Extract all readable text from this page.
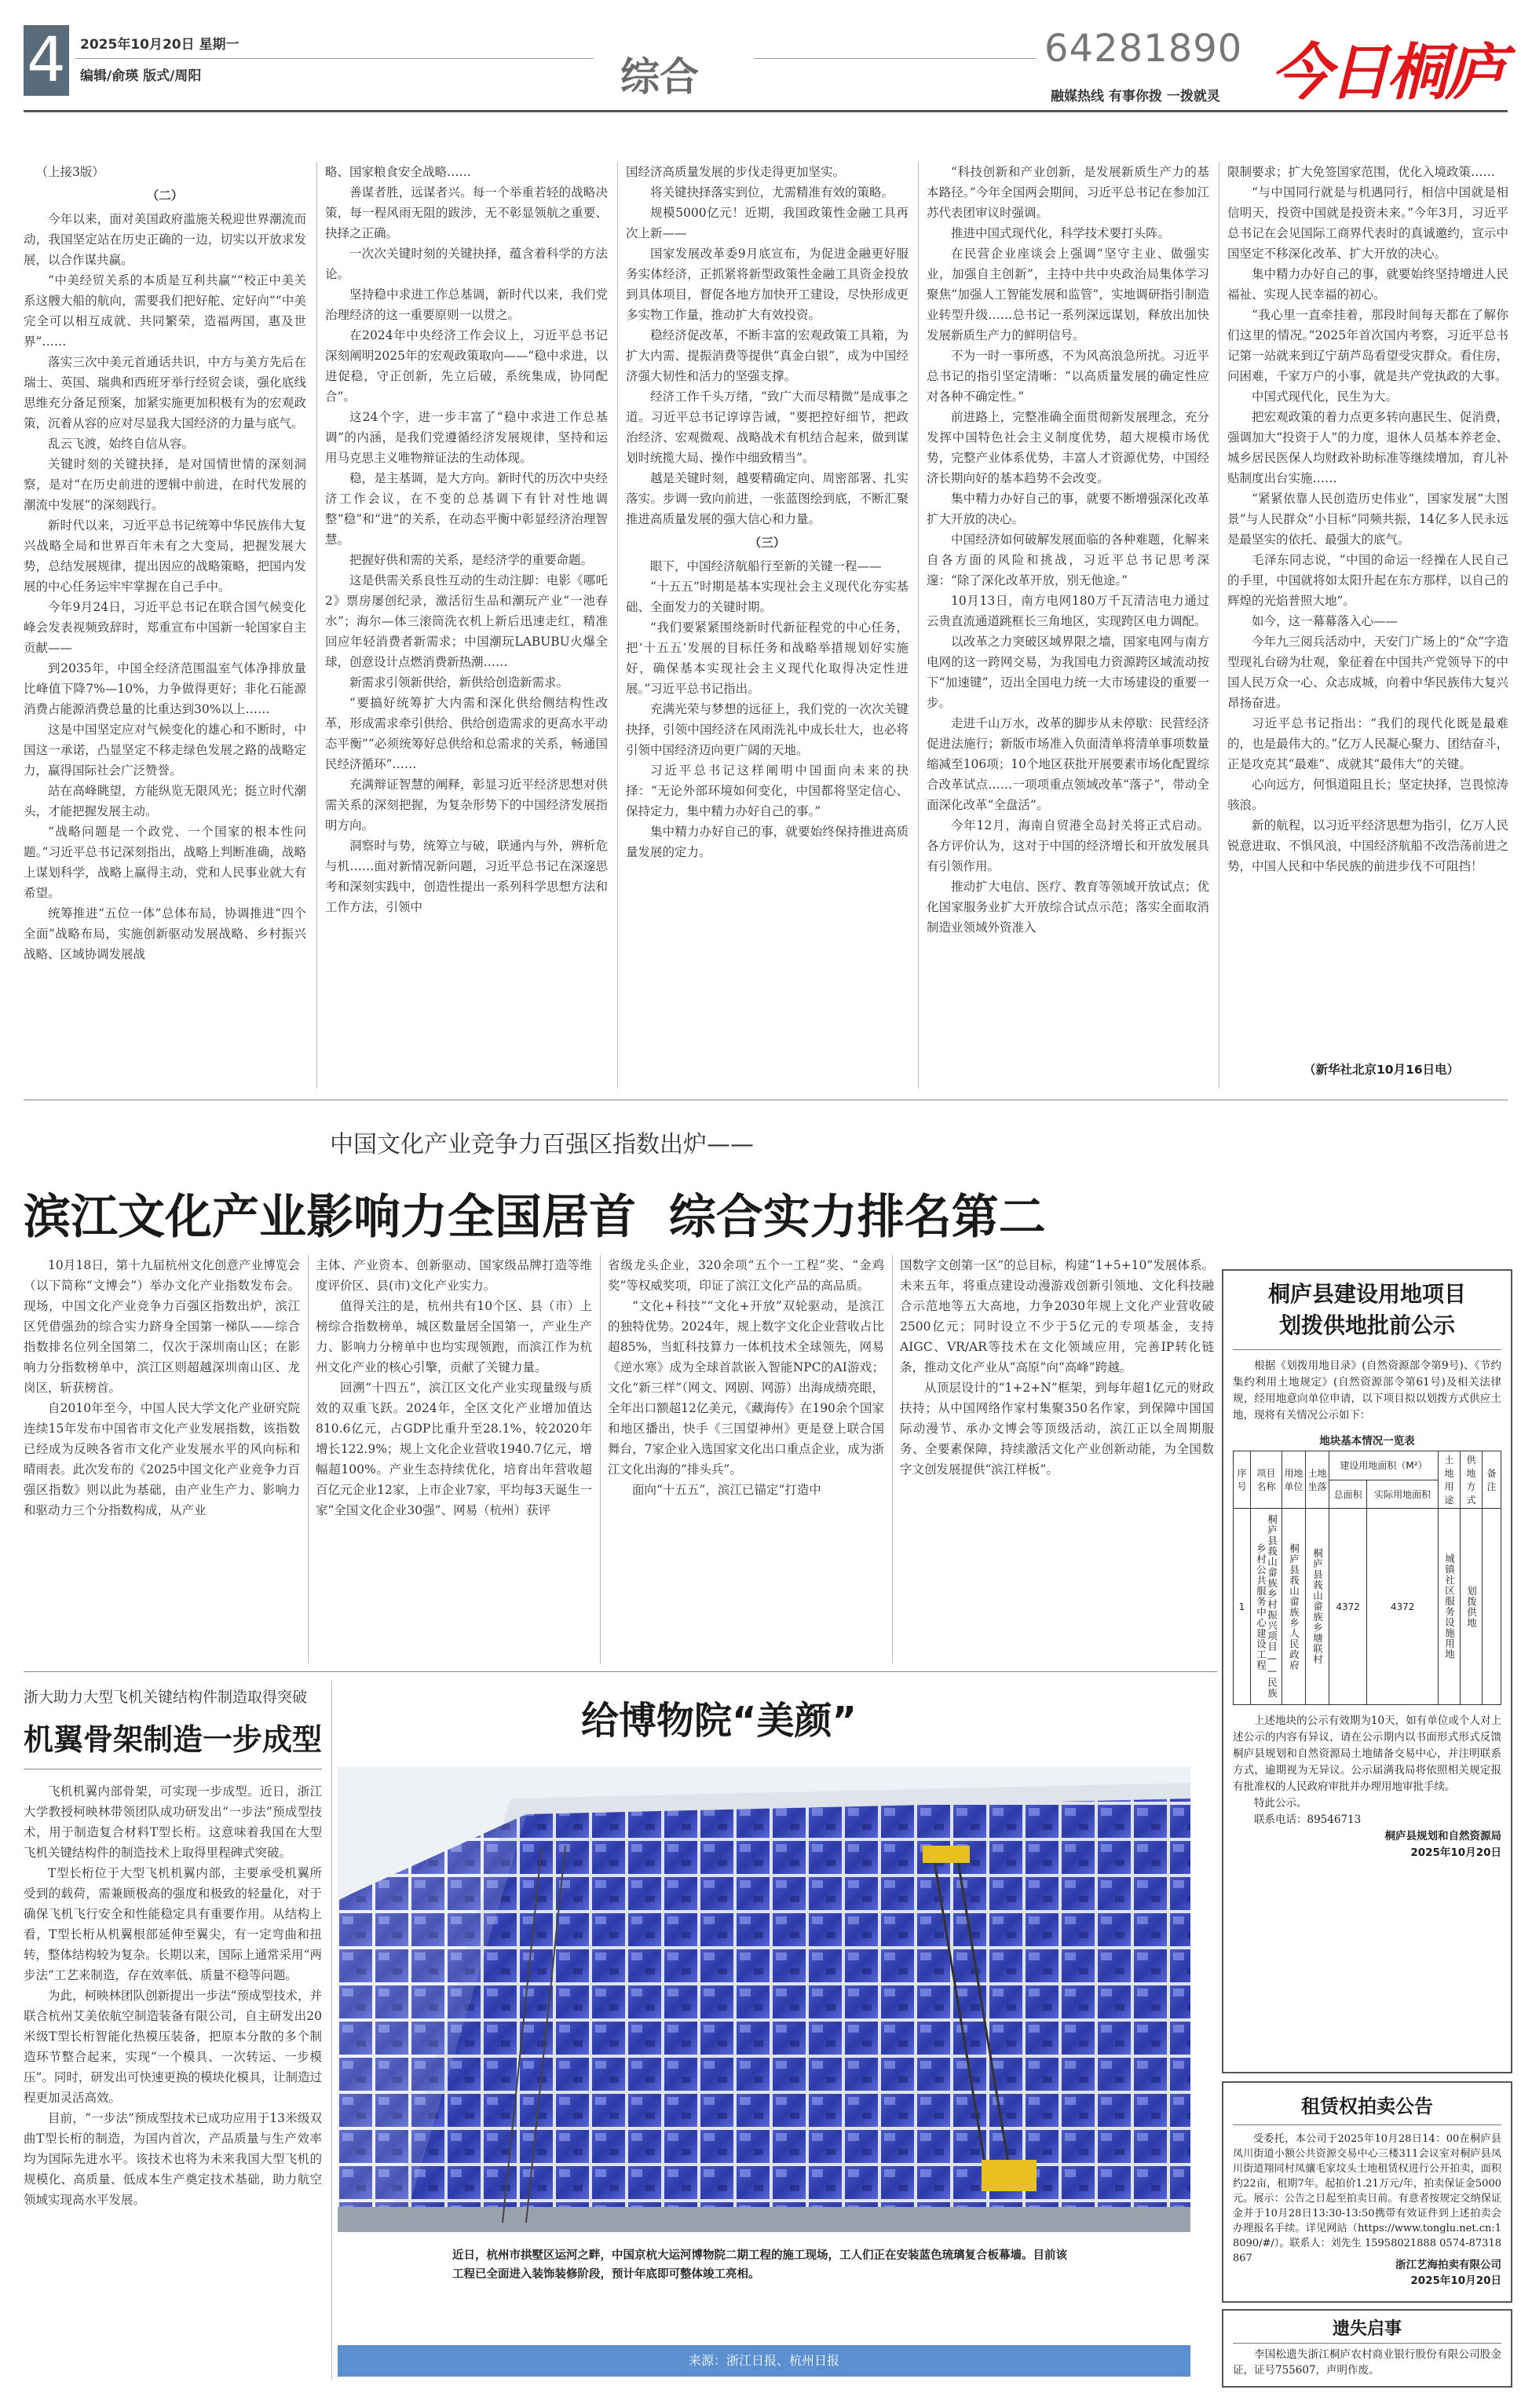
4 2025年10月20日 星期一
编辑/俞瑛 版式/周阳	综合
64281890
融媒热线 有事你拨 一拨就灵 今日桐庐

（上接3版）

（二）

今年以来，面对美国政府滥施关税迎世界潮流而动，我国坚定站在历史正确的一边，切实以开放求发展，以合作谋共赢。

“中美经贸关系的本质是互利共赢”“校正中美关系这艘大船的航向，需要我们把好舵、定好向”“中美完全可以相互成就、共同繁荣，造福两国，惠及世界”……

落实三次中美元首通话共识，中方与美方先后在瑞士、英国、瑞典和西班牙举行经贸会谈，强化底线思维充分备足预案，加紧实施更加积极有为的宏观政策，沉着从容的应对尽显我大国经济的力量与底气。

乱云飞渡，始终自信从容。

关键时刻的关键抉择，是对国情世情的深刻洞察，是对“在历史前进的逻辑中前进，在时代发展的潮流中发展”的深刻践行。

新时代以来，习近平总书记统筹中华民族伟大复兴战略全局和世界百年未有之大变局，把握发展大势，总结发展规律，提出因应的战略策略，把国内发展的中心任务运牢牢掌握在自己手中。

今年9月24日，习近平总书记在联合国气候变化峰会发表视频致辞时，郑重宣布中国新一轮国家自主贡献——

到2035年，中国全经济范围温室气体净排放量比峰值下降7%—10%，力争做得更好；非化石能源消费占能源消费总量的比重达到30%以上……

这是中国坚定应对气候变化的雄心和不断时，中国这一承诺，凸显坚定不移走绿色发展之路的战略定力，赢得国际社会广泛赞誉。

站在高峰眺望，方能纵览无限风光；挺立时代潮头，才能把握发展主动。

“战略问题是一个政党、一个国家的根本性问题。”习近平总书记深刻指出，战略上判断准确，战略上谋划科学，战略上赢得主动，党和人民事业就大有希望。

统筹推进“五位一体”总体布局，协调推进“四个全面”战略布局，实施创新驱动发展战略、乡村振兴战略、区域协调发展战

略、国家粮食安全战略……

善谋者胜，远谋者兴。每一个举重若轻的战略决策，每一程风雨无阻的跋涉，无不彰显领航之重要、抉择之正确。

一次次关键时刻的关键抉择，蕴含着科学的方法论。

坚持稳中求进工作总基调，新时代以来，我们党治理经济的这一重要原则一以贯之。

在2024年中央经济工作会议上，习近平总书记深刻阐明2025年的宏观政策取向——“稳中求进，以进促稳，守正创新，先立后破，系统集成，协同配合”。

这24个字，进一步丰富了“稳中求进工作总基调”的内涵，是我们党遵循经济发展规律，坚持和运用马克思主义唯物辩证法的生动体现。

稳，是主基调，是大方向。新时代的历次中央经济工作会议，在不变的总基调下有针对性地调整“稳”和“进”的关系，在动态平衡中彰显经济治理智慧。

把握好供和需的关系，是经济学的重要命题。

这是供需关系良性互动的生动注脚：电影《哪吒2》票房屡创纪录，激活衍生品和潮玩产业“一池春水”；海尔—体三滚筒洗衣机上新后迅速走红，精准回应年轻消费者新需求；中国潮玩LABUBU火爆全球，创意设计点燃消费新热潮……

新需求引领新供给，新供给创造新需求。

“要搞好统筹扩大内需和深化供给侧结构性改革，形成需求牵引供给、供给创造需求的更高水平动态平衡”“必须统筹好总供给和总需求的关系，畅通国民经济循环”……

充满辩证智慧的阐释，彰显习近平经济思想对供需关系的深刻把握，为复杂形势下的中国经济发展指明方向。

洞察时与势，统筹立与破，联通内与外，辨析危与机……面对新情况新问题，习近平总书记在深邃思考和深刻实践中，创造性提出一系列科学思想方法和工作方法，引领中

国经济高质量发展的步伐走得更加坚实。

将关键抉择落实到位，尤需精准有效的策略。

规模5000亿元！近期，我国政策性金融工具再次上新——

国家发展改革委9月底宣布，为促进金融更好服务实体经济，正抓紧将新型政策性金融工具资金投放到具体项目，督促各地方加快开工建设，尽快形成更多实物工作量，推动扩大有效投资。

稳经济促改革，不断丰富的宏观政策工具箱，为扩大内需、提振消费等提供“真金白银”，成为中国经济强大韧性和活力的坚强支撑。

经济工作千头万绪，“致广大而尽精微”是成事之道。习近平总书记谆谆告诫，“要把控好细节，把政治经济、宏观微观、战略战术有机结合起来，做到谋划时统揽大局、操作中细致精当”。

越是关键时刻，越要精确定向、周密部署、扎实落实。步调一致向前进，一张蓝图绘到底，不断汇聚推进高质量发展的强大信心和力量。

（三）

眼下，中国经济航船行至新的关键一程——

“十五五”时期是基本实现社会主义现代化夯实基础、全面发力的关键时期。

“我们要紧紧围绕新时代新征程党的中心任务，把‘十五五’发展的目标任务和战略举措规划好实施好，确保基本实现社会主义现代化取得决定性进展。”习近平总书记指出。

充满光荣与梦想的远征上，我们党的一次次关键抉择，引领中国经济在风雨洗礼中成长壮大，也必将引领中国经济迈向更广阔的天地。

习近平总书记这样阐明中国面向未来的抉择：“无论外部环境如何变化，中国都将坚定信心、保持定力，集中精力办好自己的事。”

集中精力办好自己的事，就要始终保持推进高质量发展的定力。

“科技创新和产业创新，是发展新质生产力的基本路径。”今年全国两会期间，习近平总书记在参加江苏代表团审议时强调。

推进中国式现代化，科学技术要打头阵。

在民营企业座谈会上强调“坚守主业、做强实业，加强自主创新”，主持中共中央政治局集体学习聚焦“加强人工智能发展和监管”，实地调研指引制造业转型升级……总书记一系列深远谋划，释放出加快发展新质生产力的鲜明信号。

不为一时一事所惑，不为风高浪急所扰。习近平总书记的指引坚定清晰：“以高质量发展的确定性应对各种不确定性。”

前进路上，完整准确全面贯彻新发展理念，充分发挥中国特色社会主义制度优势，超大规模市场优势，完整产业体系优势，丰富人才资源优势，中国经济长期向好的基本趋势不会改变。

集中精力办好自己的事，就要不断增强深化改革扩大开放的决心。

中国经济如何破解发展面临的各种难题，化解来自各方面的风险和挑战，习近平总书记思考深邃：“除了深化改革开放，别无他途。”

10月13日，南方电网180万千瓦清洁电力通过云贵直流通道跳框长三角地区，实现跨区电力调配。

以改革之力突破区域界限之墙，国家电网与南方电网的这一跨网交易，为我国电力资源跨区域流动按下“加速键”，迈出全国电力统一大市场建设的重要一步。

走进千山万水，改革的脚步从未停歇：民营经济促进法施行；新版市场准入负面清单将清单事项数量缩减至106项；10个地区获批开展要素市场化配置综合改革试点……一项项重点领域改革“落子”，带动全面深化改革“全盘活”。

今年12月，海南自贸港全岛封关将正式启动。各方评价认为，这对于中国的经济增长和开放发展具有引领作用。

推动扩大电信、医疗、教育等领域开放试点；优化国家服务业扩大开放综合试点示范；落实全面取消制造业领域外资准入

限制要求；扩大免签国家范围，优化入境政策……

“与中国同行就是与机遇同行，相信中国就是相信明天，投资中国就是投资未来。”今年3月，习近平总书记在会见国际工商界代表时的真诚邀约，宣示中国坚定不移深化改革、扩大开放的决心。

集中精力办好自己的事，就要始终坚持增进人民福祉、实现人民幸福的初心。

“我心里一直牵挂着，那段时间每天都在了解你们这里的情况。”2025年首次国内考察，习近平总书记第一站就来到辽宁葫芦岛看望受灾群众。看住房，问困难，千家万户的小事，就是共产党执政的大事。

中国式现代化，民生为大。

把宏观政策的着力点更多转向惠民生、促消费，强调加大“投资于人”的力度，退休人员基本养老金、城乡居民医保人均财政补助标准等继续增加，育儿补贴制度出台实施……

“紧紧依靠人民创造历史伟业”，国家发展“大图景”与人民群众“小目标”同频共振，14亿多人民永远是最坚实的依托、最强大的底气。

毛泽东同志说，“中国的命运一经操在人民自己的手里，中国就将如太阳升起在东方那样，以自己的辉煌的光焰普照大地”。

如今，这一幕幕落入心——

今年九三阅兵活动中，天安门广场上的“众”字造型现礼台磅为壮观，象征着在中国共产党领导下的中国人民万众一心、众志成城，向着中华民族伟大复兴昂扬奋进。

习近平总书记指出：“我们的现代化既是最难的，也是最伟大的。”亿万人民凝心聚力、团结奋斗，正是攻克其“最难”、成就其“最伟大”的关键。

心向远方，何惧道阻且长；坚定抉择，岂畏惊涛骇浪。

新的航程，以习近平经济思想为指引，亿万人民锐意进取、不惧风浪，中国经济航船不改浩荡前进之势，中国人民和中华民族的前进步伐不可阻挡！

（新华社北京10月16日电）
中国文化产业竞争力百强区指数出炉——
滨江文化产业影响力全国居首  综合实力排名第二

10月18日，第十九届杭州文化创意产业博览会（以下简称“文博会”）举办文化产业指数发布会。现场，中国文化产业竞争力百强区指数出炉，滨江区凭借强劲的综合实力跻身全国第一梯队——综合指数排名位列全国第二，仅次于深圳南山区；在影响力分指数榜单中，滨江区则超越深圳南山区、龙岗区，斩获榜首。

自2010年至今，中国人民大学文化产业研究院连续15年发布中国省市文化产业发展指数，该指数已经成为反映各省市文化产业发展水平的风向标和晴雨表。此次发布的《2025中国文化产业竞争力百强区指数》则以此为基础，由产业生产力、影响力和驱动力三个分指数构成，从产业

主体、产业资本、创新驱动、国家级品牌打造等维度评价区、县(市)文化产业实力。

值得关注的是，杭州共有10个区、县（市）上榜综合指数榜单，城区数量居全国第一，产业生产力、影响力分榜单中也均实现领跑，而滨江作为杭州文化产业的核心引擎，贡献了关键力量。

回溯“十四五”，滨江区文化产业实现量级与质效的双重飞跃。2024年，全区文化产业增加值达810.6亿元，占GDP比重升至28.1%，较2020年增长122.9%；规上文化企业营收1940.7亿元，增幅超100%。产业生态持续优化，培育出年营收超百亿元企业12家，上市企业7家，平均每3天诞生一家“全国文化企业30强”、网易（杭州）获评

省级龙头企业，320余项“五个一工程”奖、“金鸡奖”等权威奖项，印证了滨江文化产品的高品质。

“文化+科技”“文化+开放”双轮驱动，是滨江的独特优势。2024年，规上数字文化企业营收占比超85%，当虹科技算力一体机技术全球领先，网易《逆水寒》成为全球首款嵌入智能NPC的AI游戏；文化“新三样”（网文、网剧、网游）出海成绩亮眼，全年出口额超12亿美元，《藏海传》在190余个国家和地区播出，快手《三国望神州》更是登上联合国舞台，7家企业入选国家文化出口重点企业，成为浙江文化出海的“排头兵”。

面向“十五五”，滨江已锚定“打造中

国数字文创第一区”的总目标，构建“1+5+10”发展体系。未来五年，将重点建设动漫游戏创新引领地、文化科技融合示范地等五大高地，力争2030年规上文化产业营收破2500亿元；同时设立不少于5亿元的专项基金，支持AIGC、VR/AR等技术在文化领域应用，完善IP转化链条，推动文化产业从“高原”向“高峰”跨越。

从顶层设计的“1+2+N”框架，到每年超1亿元的财政扶持；从中国网络作家村集聚350名作家，到保障中国国际动漫节、承办文博会等顶级活动，滨江正以全周期服务、全要素保障，持续激活文化产业创新动能，为全国数字文创发展提供“滨江样板”。

浙大助力大型飞机关键结构件制造取得突破
机翼骨架制造一步成型

飞机机翼内部骨架，可实现一步成型。近日，浙江大学教授柯映林带领团队成功研发出“一步法”预成型技术，用于制造复合材料T型长桁。这意味着我国在大型飞机关键结构件的制造技术上取得里程碑式突破。

T型长桁位于大型飞机机翼内部，主要承受机翼所受到的载荷，需兼顾极高的强度和极致的轻量化，对于确保飞机飞行安全和性能稳定具有重要作用。从结构上看，T型长桁从机翼根部延伸至翼尖，有一定弯曲和扭转，整体结构较为复杂。长期以来，国际上通常采用“两步法”工艺来制造，存在效率低、质量不稳等问题。

为此，柯映林团队创新提出一步法“预成型技术，并联合杭州艾美依航空制造装备有限公司，自主研发出20米级T型长桁智能化热模压装备，把原本分散的多个制造环节整合起来，实现“一个模具、一次转运、一步模压”。同时，研发出可快速更换的模块化模具，让制造过程更加灵活高效。

目前，“一步法”预成型技术已成功应用于13米级双曲T型长桁的制造，为国内首次，产品质量与生产效率均为国际先进水平。该技术也将为未来我国大型飞机的规模化、高质量、低成本生产奠定技术基础，助力航空领域实现高水平发展。

给博物院“美颜”
近日，杭州市拱墅区运河之畔，中国京杭大运河博物院二期工程的施工现场，工人们正在安装蓝色琉璃复合板幕墙。目前该工程已全面进入装饰装修阶段，预计年底即可整体竣工亮相。
来源：浙江日报、杭州日报
桐庐县建设用地项目
划拨供地批前公示
根据《划拨用地目录》(自然资源部令第9号)、《节约集约利用土地规定》(自然资源部令第61号)及相关法律规，经用地意向单位申请，以下项目拟以划拨方式供应土地，现将有关情况公示如下：
地块基本情况一览表
序号	项目名称	用地单位	土地坐落	建设用地面积（M²）		土地用途	供地方式	备注
				总面积	实际用地面积			
1	桐庐县莪山畲族乡村振兴项目——民族乡村公共服务中心建设工程	桐庐县莪山畲族乡人民政府	桐庐县莪山畲族乡塘联村	4372	4372	城镇社区服务设施用地	划拨供地	

上述地块的公示有效期为10天，如有单位或个人对上述公示的内容有异议，请在公示期内以书面形式形式反馈桐庐县规划和自然资源局土地储备交易中心，并注明联系方式，逾期视为无异议。公示届满我局将依照相关规定报有批准权的人民政府审批并办理用地审批手续。
特此公示。
联系电话：89546713
桐庐县规划和自然资源局
2025年10月20日
租赁权拍卖公告
受委托，本公司于2025年10月28日14：00在桐庐县凤川街道小额公共资源交易中心三楼311会议室对桐庐县凤川街道翔同村凤骧毛家坟头土地租赁权进行公开拍卖，面积约22亩，租期7年。起拍价1.21万元/年，拍卖保证金5000元。展示：公告之日起至拍卖日前。有意者按规定交纳保证金并于10月28日13:30-13:50携带有效证件到上述拍卖会办理报名手续。详见网站（https://www.tonglu.net.cn:18090/#/）。联系人：刘先生 15958021888 0574-87318867
浙江艺海拍卖有限公司
2025年10月20日
遗失启事
李国松遗失浙江桐庐农村商业银行股份有限公司股金证，证号755607，声明作废。
